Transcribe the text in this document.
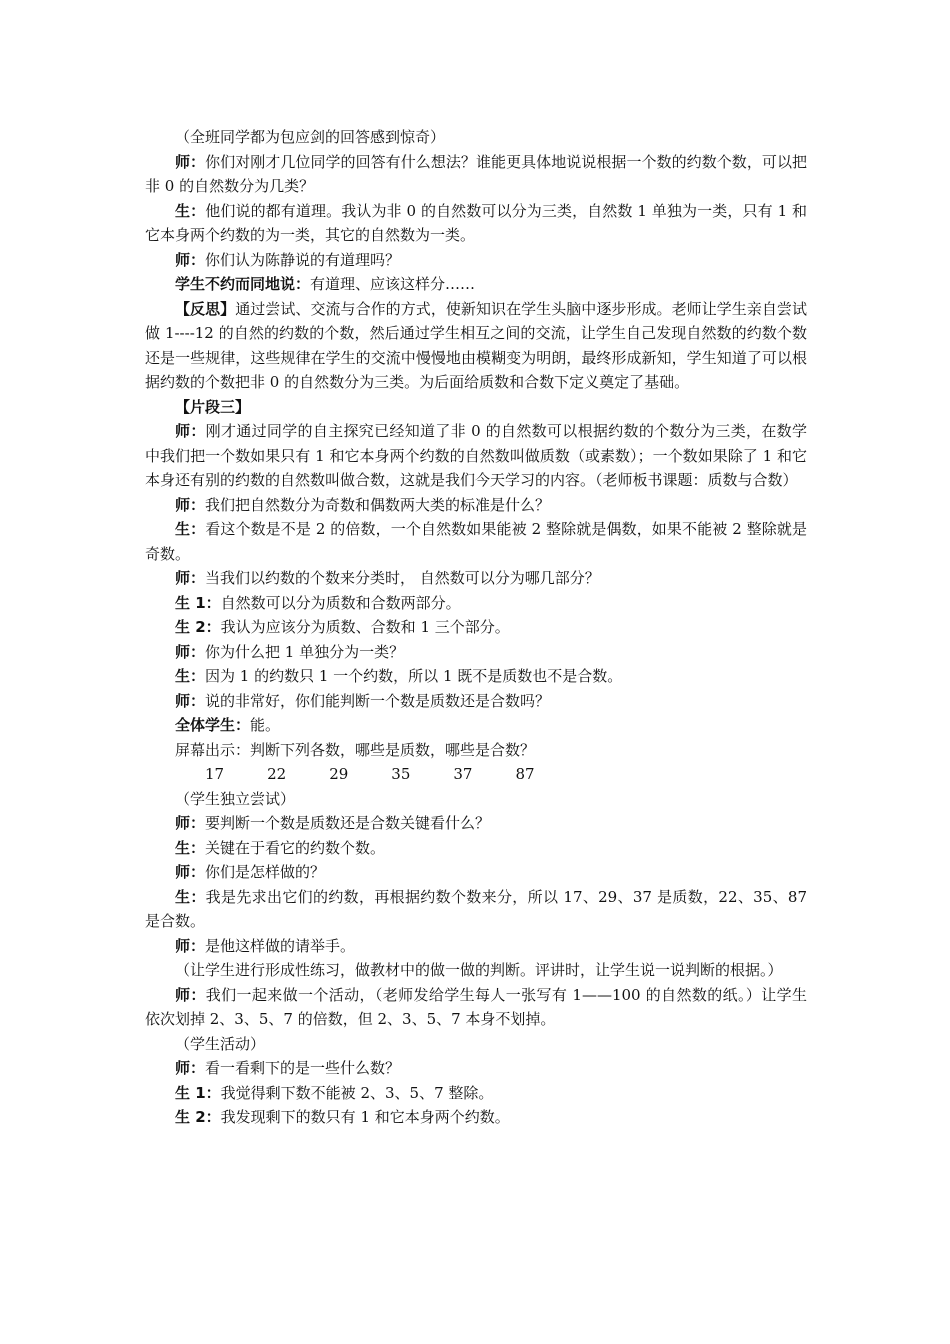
（全班同学都为包应剑的回答感到惊奇）

师：你们对刚才几位同学的回答有什么想法？谁能更具体地说说根据一个数的约数个数，可以把非 0 的自然数分为几类？

生：他们说的都有道理。我认为非 0 的自然数可以分为三类，自然数 1 单独为一类，只有 1 和它本身两个约数的为一类，其它的自然数为一类。

师：你们认为陈静说的有道理吗？

学生不约而同地说：有道理、应该这样分……

【反思】通过尝试、交流与合作的方式，使新知识在学生头脑中逐步形成。老师让学生亲自尝试做 1----12 的自然的约数的个数，然后通过学生相互之间的交流，让学生自己发现自然数的约数个数还是一些规律，这些规律在学生的交流中慢慢地由模糊变为明朗，最终形成新知，学生知道了可以根据约数的个数把非 0 的自然数分为三类。为后面给质数和合数下定义奠定了基础。

【片段三】

师：刚才通过同学的自主探究已经知道了非 0 的自然数可以根据约数的个数分为三类，在数学中我们把一个数如果只有 1 和它本身两个约数的自然数叫做质数（或素数）；一个数如果除了 1 和它本身还有别的约数的自然数叫做合数，这就是我们今天学习的内容。（老师板书课题：质数与合数）

师：我们把自然数分为奇数和偶数两大类的标准是什么？

生：看这个数是不是 2 的倍数，一个自然数如果能被 2 整除就是偶数，如果不能被 2 整除就是奇数。

师：当我们以约数的个数来分类时， 自然数可以分为哪几部分？

生 1：自然数可以分为质数和合数两部分。

生 2：我认为应该分为质数、合数和 1 三个部分。

师：你为什么把 1 单独分为一类？

生：因为 1 的约数只 1 一个约数，所以 1 既不是质数也不是合数。

师：说的非常好，你们能判断一个数是质数还是合数吗？

全体学生：能。

屏幕出示：判断下列各数，哪些是质数，哪些是合数？

17	22	29	35	37	87

（学生独立尝试）

师：要判断一个数是质数还是合数关键看什么？

生：关键在于看它的约数个数。

师：你们是怎样做的？

生：我是先求出它们的约数，再根据约数个数来分，所以 17、29、37 是质数，22、35、87 是合数。

师：是他这样做的请举手。

（让学生进行形成性练习，做教材中的做一做的判断。评讲时，让学生说一说判断的根据。）

师：我们一起来做一个活动，（老师发给学生每人一张写有 1——100 的自然数的纸。）让学生依次划掉 2、3、5、7 的倍数，但 2、3、5、7 本身不划掉。

（学生活动）

师：看一看剩下的是一些什么数？

生 1：我觉得剩下数不能被 2、3、5、7 整除。

生 2：我发现剩下的数只有 1 和它本身两个约数。
